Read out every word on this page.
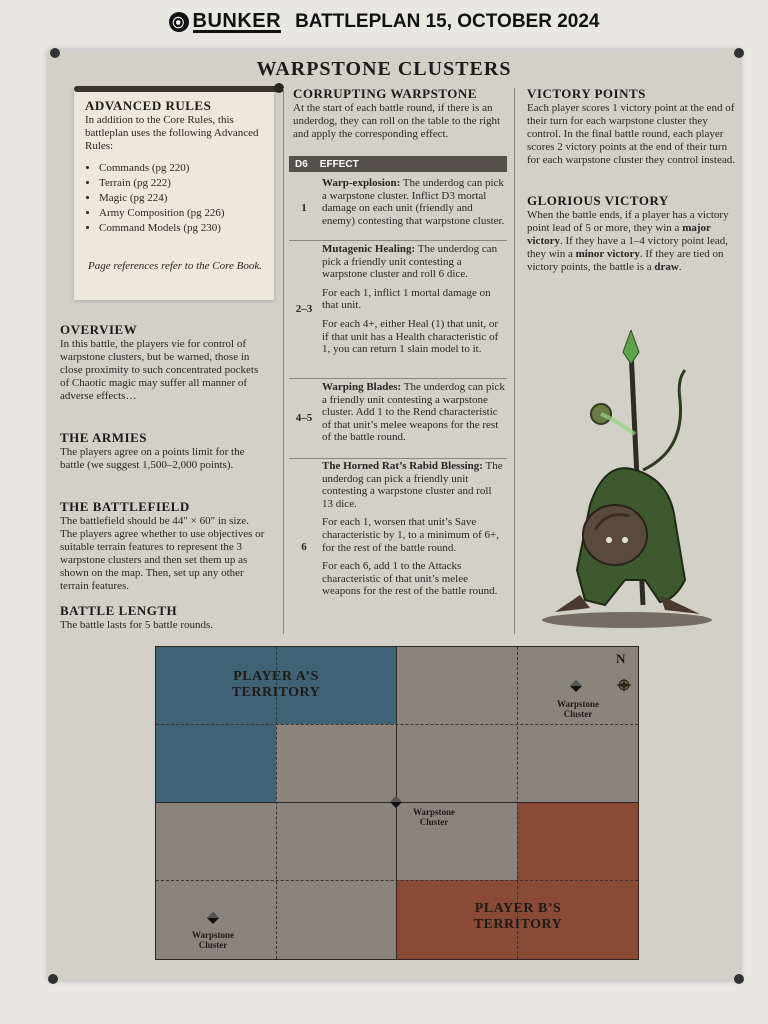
⦿ BUNKER BATTLEPLAN 15, OCTOBER 2024
WARPSTONE CLUSTERS

ADVANCED RULES

In addition to the Core Rules, this battleplan uses the following Advanced Rules:

• Commands (pg 220)
• Terrain (pg 222)
• Magic (pg 224)
• Army Composition (pg 226)
• Command Models (pg 230)
Page references refer to the Core Book.

OVERVIEW

In this battle, the players vie for control of warpstone clusters, but be warned, those in close proximity to such concentrated pockets of Chaotic magic may suffer all manner of adverse effects…

THE ARMIES

The players agree on a points limit for the battle (we suggest 1,500–2,000 points).

THE BATTLEFIELD

The battlefield should be 44" × 60" in size. The players agree whether to use objectives or suitable terrain features to represent the 3 warpstone clusters and then set them up as shown on the map. Then, set up any other terrain features.

BATTLE LENGTH

The battle lasts for 5 battle rounds.

CORRUPTING WARPSTONE

At the start of each battle round, if there is an underdog, they can roll on the table to the right and apply the corresponding effect.

D6 EFFECT
1

Warp-explosion: The underdog can pick a warpstone cluster. Inflict D3 mortal damage on each unit (friendly and enemy) contesting that warpstone cluster.

2–3

Mutagenic Healing: The underdog can pick a friendly unit contesting a warpstone cluster and roll 6 dice.

For each 1, inflict 1 mortal damage on that unit.

For each 4+, either Heal (1) that unit, or if that unit has a Health characteristic of 1, you can return 1 slain model to it.

4–5

Warping Blades: The underdog can pick a friendly unit contesting a warpstone cluster. Add 1 to the Rend characteristic of that unit’s melee weapons for the rest of the battle round.

6

The Horned Rat’s Rabid Blessing: The underdog can pick a friendly unit contesting a warpstone cluster and roll 13 dice.

For each 1, worsen that unit’s Save characteristic by 1, to a minimum of 6+, for the rest of the battle round.

For each 6, add 1 to the Attacks characteristic of that unit’s melee weapons for the rest of the battle round.

VICTORY POINTS

Each player scores 1 victory point at the end of their turn for each warpstone cluster they control. In the final battle round, each player scores 2 victory points at the end of their turn for each warpstone cluster they control instead.

GLORIOUS VICTORY

When the battle ends, if a player has a victory point lead of 5 or more, they win a major victory. If they have a 1–4 victory point lead, they win a minor victory. If they are tied on victory points, the battle is a draw.

PLAYER A’S TERRITORY
PLAYER B’S TERRITORY
N
Warpstone Cluster
Warpstone Cluster
Warpstone Cluster
